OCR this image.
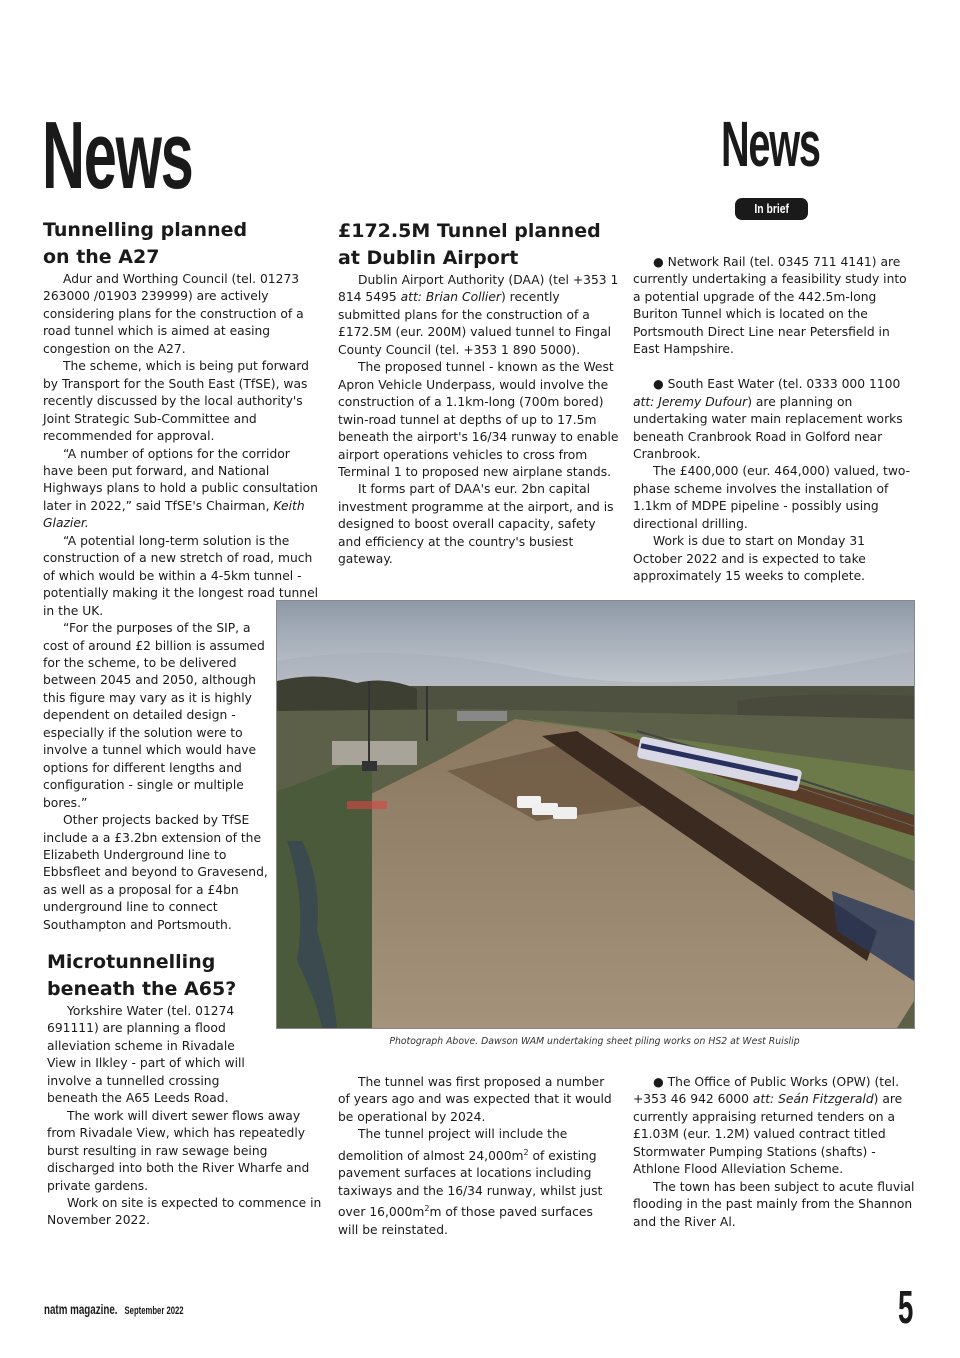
News	News
In brief
Tunnelling planned
on the A27

Adur and Worthing Council (tel. 01273 263000 /01903 239999) are actively considering plans for the construction of a road tunnel which is aimed at easing congestion on the A27.

The scheme, which is being put forward by Transport for the South East (TfSE), was recently discussed by the local authority's Joint Strategic Sub-Committee and recommended for approval.

“A number of options for the corridor have been put forward, and National Highways plans to hold a public consultation later in 2022,” said TfSE's Chairman, Keith Glazier.

“A potential long-term solution is the construction of a new stretch of road, much of which would be within a 4-5km tunnel - potentially making it the longest road tunnel in the UK.

“For the purposes of the SIP, a cost of around £2 billion is assumed for the scheme, to be delivered between 2045 and 2050, although this figure may vary as it is highly dependent on detailed design - especially if the solution were to involve a tunnel which would have options for different lengths and configuration - single or multiple bores.”

Other projects backed by TfSE include a a £3.2bn extension of the Elizabeth Underground line to Ebbsfleet and beyond to Gravesend, as well as a proposal for a £4bn underground line to connect Southampton and Portsmouth.

Microtunnelling
beneath the A65?

Yorkshire Water (tel. 01274 691111) are planning a flood alleviation scheme in Rivadale View in Ilkley - part of which will involve a tunnelled crossing beneath the A65 Leeds Road.

The work will divert sewer flows away from Rivadale View, which has repeatedly burst resulting in raw sewage being discharged into both the River Wharfe and private gardens.

Work on site is expected to commence in November 2022.

£172.5M Tunnel planned
at Dublin Airport

Dublin Airport Authority (DAA) (tel +353 1 814 5495 att: Brian Collier) recently submitted plans for the construction of a £172.5M (eur. 200M) valued tunnel to Fingal County Council (tel. +353 1 890 5000).

The proposed tunnel - known as the West Apron Vehicle Underpass, would involve the construction of a 1.1km-long (700m bored) twin-road tunnel at depths of up to 17.5m beneath the airport's 16/34 runway to enable airport operations vehicles to cross from Terminal 1 to proposed new airplane stands.

It forms part of DAA's eur. 2bn capital investment programme at the airport, and is designed to boost overall capacity, safety and efficiency at the country's busiest gateway.

The tunnel was first proposed a number of years ago and was expected that it would be operational by 2024.

The tunnel project will include the demolition of almost $24,000m^2$ of existing pavement surfaces at locations including taxiways and the 16/34 runway, whilst just over $16,000m^2m$ of those paved surfaces will be reinstated.

● Network Rail (tel. 0345 711 4141) are currently undertaking a feasibility study into a potential upgrade of the 442.5m-long Buriton Tunnel which is located on the Portsmouth Direct Line near Petersfield in East Hampshire.

● South East Water (tel. 0333 000 1100 att: Jeremy Dufour) are planning on undertaking water main replacement works beneath Cranbrook Road in Golford near Cranbrook.

The £400,000 (eur. 464,000) valued, two-phase scheme involves the installation of 1.1km of MDPE pipeline - possibly using directional drilling.

Work is due to start on Monday 31 October 2022 and is expected to take approximately 15 weeks to complete.

● The Office of Public Works (OPW) (tel. +353 46 942 6000 att: Seán Fitzgerald) are currently appraising returned tenders on a £1.03M (eur. 1.2M) valued contract titled Stormwater Pumping Stations (shafts) - Athlone Flood Alleviation Scheme.

The town has been subject to acute fluvial flooding in the past mainly from the Shannon and the River Al.

Photograph Above. Dawson WAM undertaking sheet piling works on HS2 at West Ruislip
natm magazine. September 2022	5
